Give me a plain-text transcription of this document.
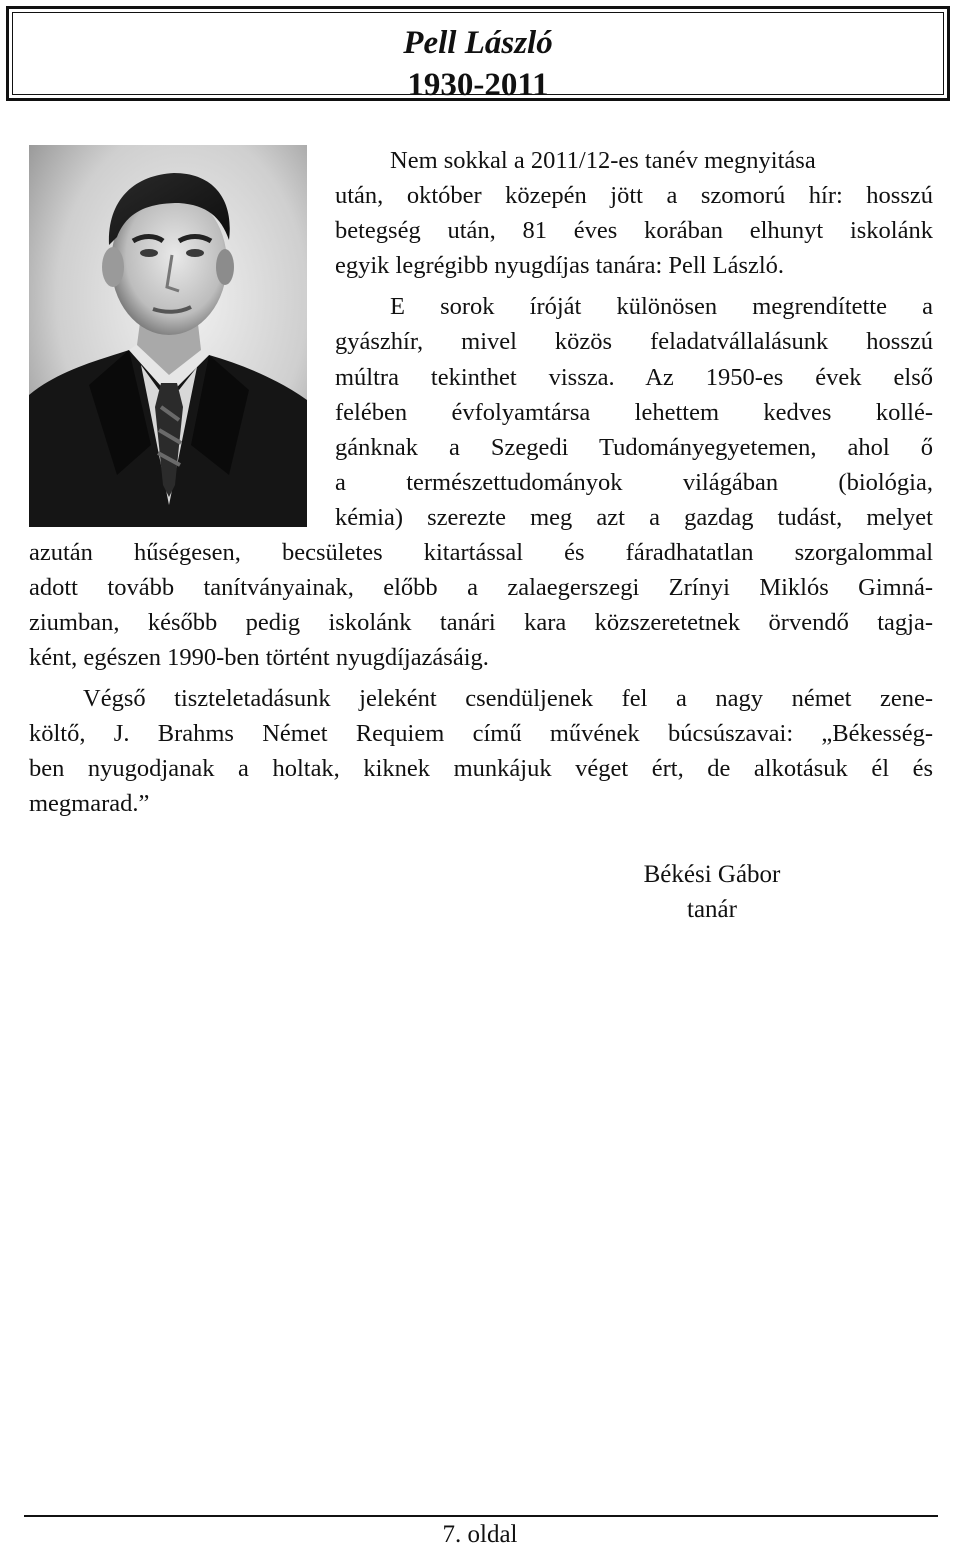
Pell László
1930-2011
Nem sokkal a 2011/12-es tanév megnyitása
után, október közepén jött a szomorú hír: hosszú
betegség után, 81 éves korában elhunyt iskolánk
egyik legrégibb nyugdíjas tanára: Pell László.
E sorok íróját különösen megrendítette a
gyászhír, mivel közös feladatvállalásunk hosszú
múltra tekinthet vissza. Az 1950-es évek első
felében évfolyamtársa lehettem kedves kollé-
gánknak a Szegedi Tudományegyetemen, ahol ő
a természettudományok világában (biológia,
kémia) szerezte meg azt a gazdag tudást, melyet
azután hűségesen, becsületes kitartással és fáradhatatlan szorgalommal
adott tovább tanítványainak, előbb a zalaegerszegi Zrínyi Miklós Gimná-
ziumban, később pedig iskolánk tanári kara közszeretetnek örvendő tagja-
ként, egészen 1990-ben történt nyugdíjazásáig.
Végső tiszteletadásunk jeleként csendüljenek fel a nagy német zene-
költő, J. Brahms Német Requiem című művének búcsúszavai: „Békesség-
ben nyugodjanak a holtak, kiknek munkájuk véget ért, de alkotásuk él és
megmarad.”
Békési Gábor
tanár
7. oldal
